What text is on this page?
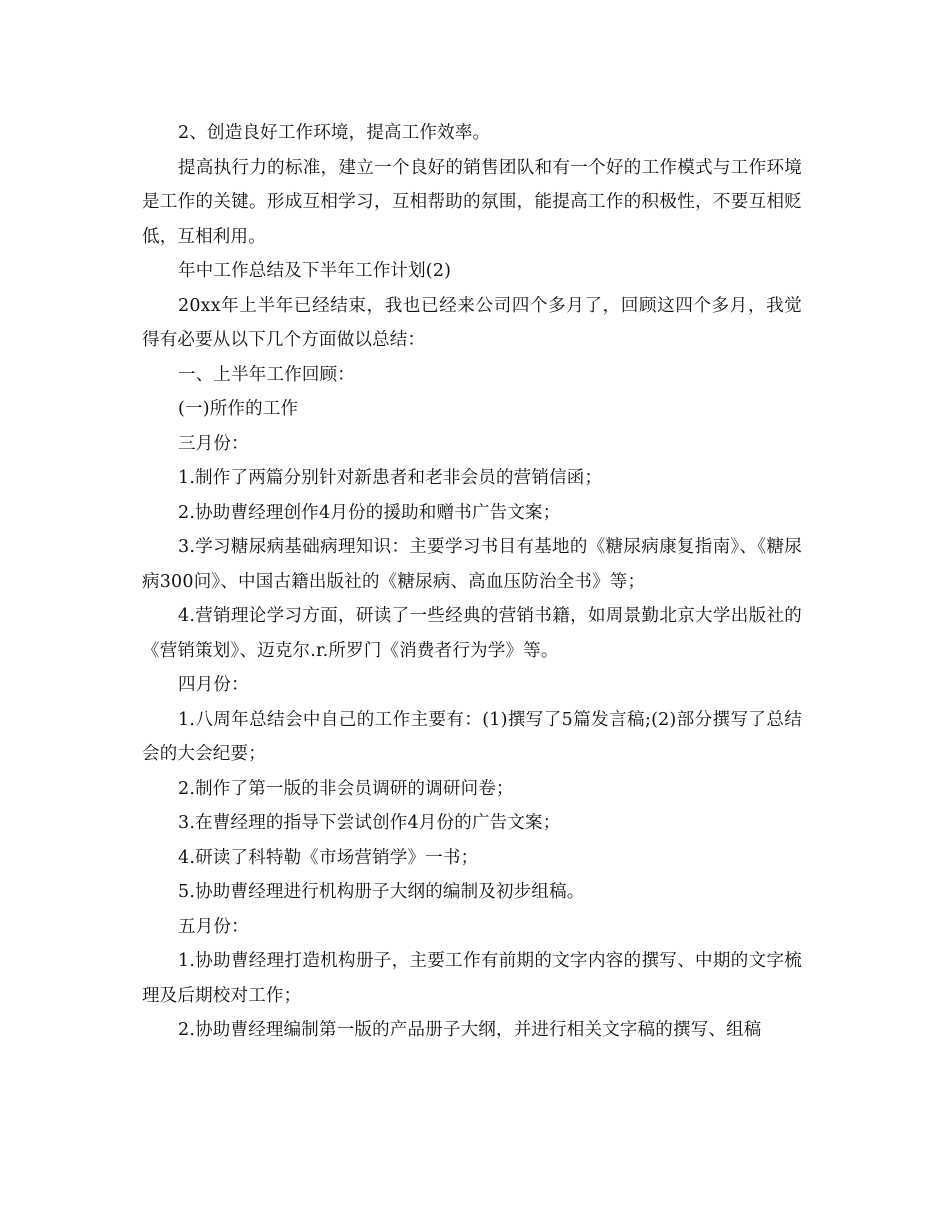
2、创造良好工作环境，提高工作效率。

提高执行力的标准，建立一个良好的销售团队和有一个好的工作模式与工作环境是工作的关键。形成互相学习，互相帮助的氛围，能提高工作的积极性，不要互相贬低，互相利用。

年中工作总结及下半年工作计划(2)

20xx年上半年已经结束，我也已经来公司四个多月了，回顾这四个多月，我觉得有必要从以下几个方面做以总结：

一、上半年工作回顾：

(一)所作的工作

三月份：

1.制作了两篇分别针对新患者和老非会员的营销信函；

2.协助曹经理创作4月份的援助和赠书广告文案；

3.学习糖尿病基础病理知识：主要学习书目有基地的《糖尿病康复指南》、《糖尿病300问》、中国古籍出版社的《糖尿病、高血压防治全书》等；

4.营销理论学习方面，研读了一些经典的营销书籍，如周景勤北京大学出版社的《营销策划》、迈克尔.r.所罗门《消费者行为学》等。

四月份：

1.八周年总结会中自己的工作主要有：(1)撰写了5篇发言稿;(2)部分撰写了总结会的大会纪要；

2.制作了第一版的非会员调研的调研问卷；

3.在曹经理的指导下尝试创作4月份的广告文案；

4.研读了科特勒《市场营销学》一书；

5.协助曹经理进行机构册子大纲的编制及初步组稿。

五月份：

1.协助曹经理打造机构册子，主要工作有前期的文字内容的撰写、中期的文字梳理及后期校对工作；

2.协助曹经理编制第一版的产品册子大纲，并进行相关文字稿的撰写、组稿
